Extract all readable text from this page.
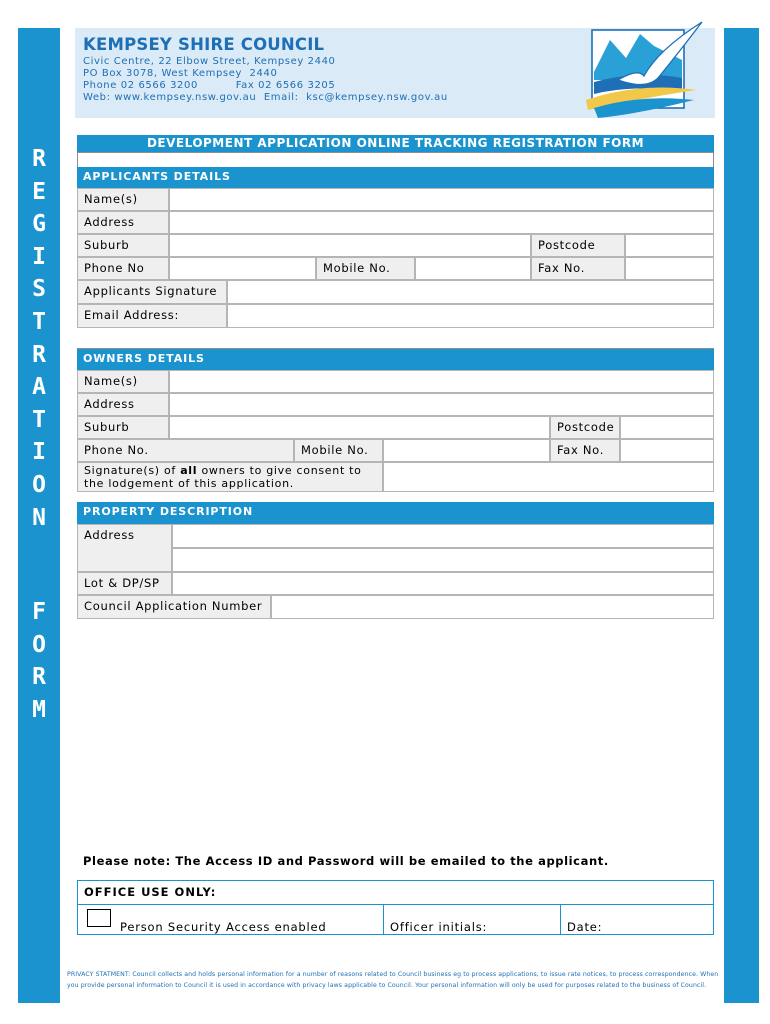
R
E
G
I
S
T
R
A
T
I
O
N
F
O
R
M
KEMPSEY SHIRE COUNCIL
Civic Centre, 22 Elbow Street, Kempsey 2440
PO Box 3078, West Kempsey  2440
Phone 02 6566 3200          Fax 02 6566 3205
Web: www.kempsey.nsw.gov.au  Email:  ksc@kempsey.nsw.gov.au
DEVELOPMENT APPLICATION ONLINE TRACKING REGISTRATION FORM
APPLICANTS DETAILS
Name(s)
Address
Suburb	Postcode
Phone No	Mobile No.	Fax No.
Applicants Signature
Email Address:
OWNERS DETAILS
Name(s)
Address
Suburb	Postcode
Phone No.	Mobile No.	Fax No.
Signature(s) of all owners to give consent to the lodgement of this application.
PROPERTY DESCRIPTION
Address
Lot & DP/SP
Council Application Number
Please note: The Access ID and Password will be emailed to the applicant.
OFFICE USE ONLY:
Person Security Access enabled	Officer initials:	Date:
PRIVACY STATMENT: Council collects and holds personal information for a number of reasons related to Council business eg to process applications, to issue rate notices, to process correspondence. When you provide personal information to Council it is used in accordance with privacy laws applicable to Council. Your personal information will only be used for purposes related to the business of Council.
